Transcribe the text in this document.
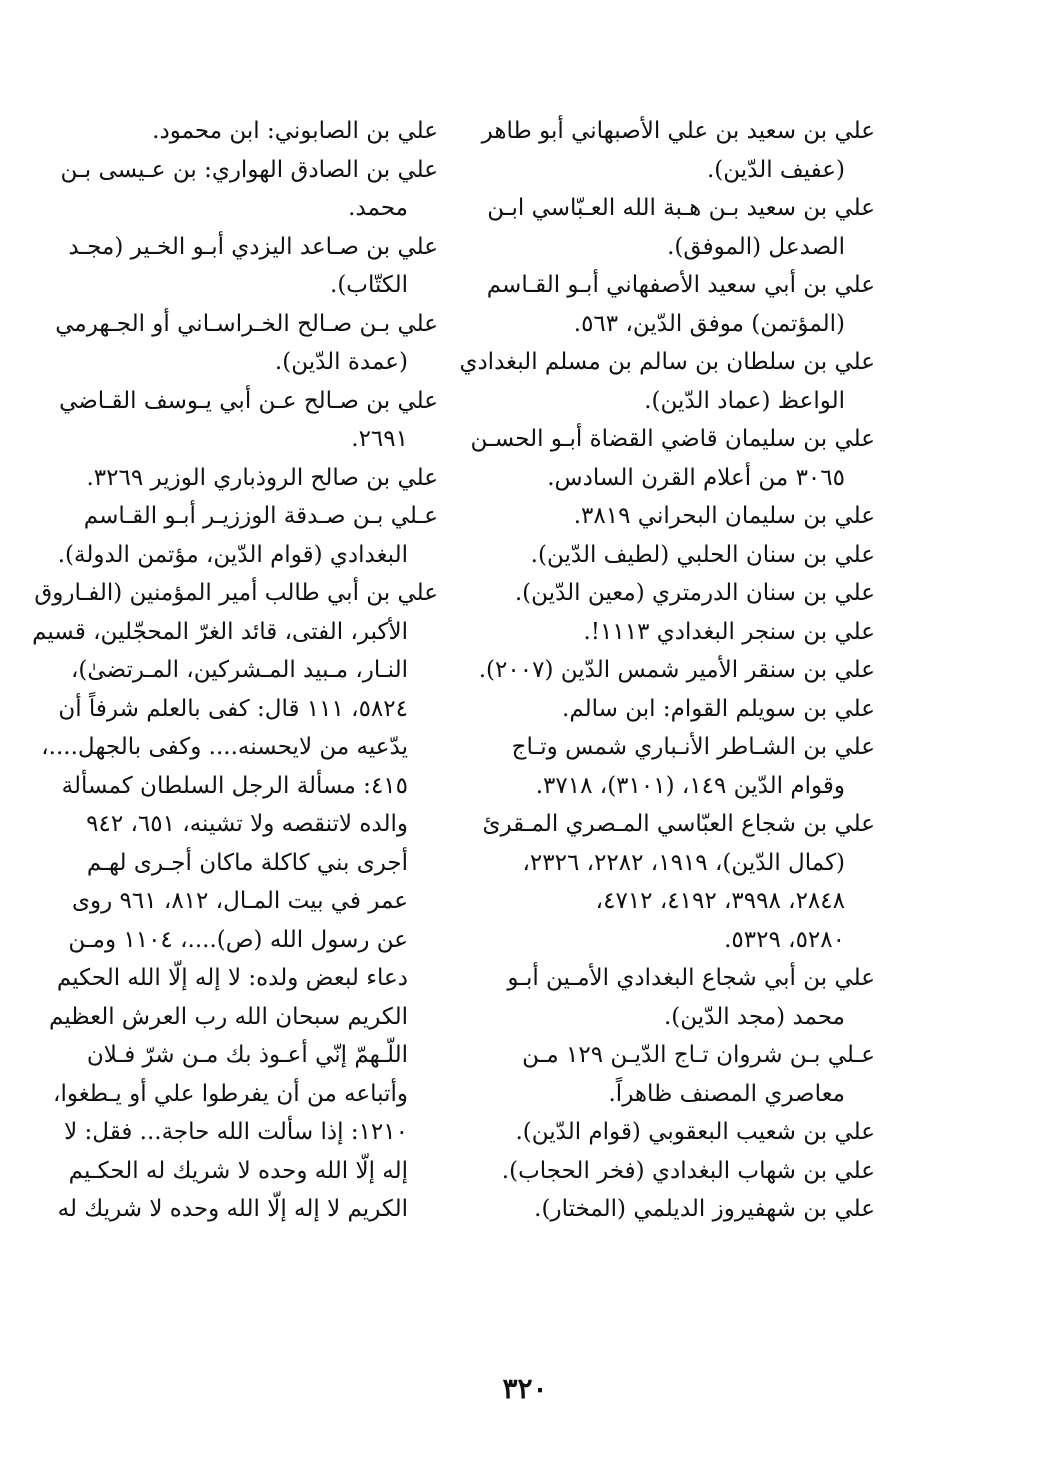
علي بن سعيد بن علي الأصبهاني أبو طاهر
(عفيف الدّين).
علي بن سعيد بـن هـبة الله العـبّاسي ابـن
الصدعل (الموفق).
علي بن أبي سعيد الأصفهاني أبـو القـاسم
(المؤتمن) موفق الدّين، ٥٦٣.
علي بن سلطان بن سالم بن مسلم البغدادي
الواعظ (عماد الدّين).
علي بن سليمان قاضي القضاة أبـو الحسـن
٣٠٦٥ من أعلام القرن السادس.
علي بن سليمان البحراني ٣٨١٩.
علي بن سنان الحلبي (لطيف الدّين).
علي بن سنان الدرمتري (معين الدّين).
علي بن سنجر البغدادي ١١١٣!.
علي بن سنقر الأمير شمس الدّين (٢٠٠٧).
علي بن سويلم القوام: ابن سالم.
علي بن الشـاطر الأنـباري شمس وتـاج
وقوام الدّين ١٤٩، (٣١٠١)، ٣٧١٨.
علي بن شجاع العبّاسي المـصري المـقرئ
(كمال الدّين)، ١٩١٩، ٢٢٨٢، ٢٣٢٦،
٢٨٤٨، ٣٩٩٨، ٤١٩٢، ٤٧١٢،
٥٢٨٠، ٥٣٢٩.
علي بن أبي شجاع البغدادي الأمـين أبـو
محمد (مجد الدّين).
عـلي بـن شروان تـاج الدّيـن ١٢٩ مـن
معاصري المصنف ظاهراً.
علي بن شعيب البعقوبي (قوام الدّين).
علي بن شهاب البغدادي (فخر الحجاب).
علي بن شهفيروز الديلمي (المختار).
علي بن الصابوني: ابن محمود.
علي بن الصادق الهواري: بن عـيسى بـن
محمد.
علي بن صـاعد اليزدي أبـو الخـير (مجـد
الكتّاب).
علي بـن صـالح الخـراسـاني أو الجـهرمي
(عمدة الدّين).
علي بن صـالح عـن أبي يـوسف القـاضي
٢٦٩١.
علي بن صالح الروذباري الوزير ٣٢٦٩.
عـلي بـن صـدقة الوززيـر أبـو القـاسم
البغدادي (قوام الدّين، مؤتمن الدولة).
علي بن أبي طالب أمير المؤمنين (الفـاروق
الأكبر، الفتى، قائد الغرّ المحجّلين، قسيم
النـار، مـبيد المـشركين، المـرتضىٰ)،
٥٨٢٤، ١١١ قال: كفى بالعلم شرفاً أن
يدّعيه من لايحسنه.... وكفى بالجهل....،
٤١٥: مسألة الرجل السلطان كمسألة
والده لاتنقصه ولا تشينه، ٦٥١، ٩٤٢
أجرى بني كاكلة ماكان أجـرى لهـم
عمر في بيت المـال، ٨١٢، ٩٦١ روى
عن رسول الله (ص)....، ١١٠٤ ومـن
دعاء لبعض ولده: لا إله إلّا الله الحكيم
الكريم سبحان الله رب العرش العظيم
اللّـهمّ إنّي أعـوذ بك مـن شرّ فـلان
وأتباعه من أن يفرطوا علي أو يـطغوا،
١٢١٠: إذا سألت الله حاجة... فقل: لا
إله إلّا الله وحده لا شريك له الحكـيم
الكريم لا إله إلّا الله وحده لا شريك له
٣٢٠
